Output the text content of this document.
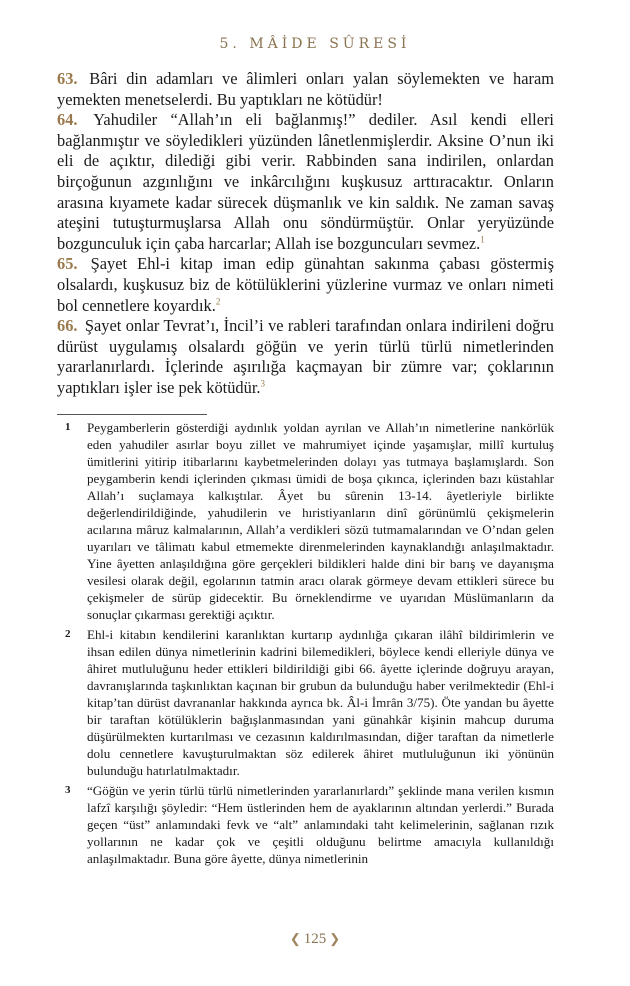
5. MÂİDE SÛRESİ

63. Bâri din adamları ve âlimleri onları yalan söylemekten ve haram yemekten menetselerdi. Bu yaptıkları ne kötüdür!

64. Yahudiler “Allah’ın eli bağlanmış!” dediler. Asıl kendi elleri bağlanmıştır ve söyledikleri yüzünden lânetlenmişlerdir. Aksine O’nun iki eli de açıktır, dilediği gibi verir. Rabbinden sana indirilen, onlardan birçoğunun azgınlığını ve inkârcılığını kuşkusuz arttıracaktır. Onların arasına kıyamete kadar sürecek düşmanlık ve kin saldık. Ne zaman savaş ateşini tutuşturmuşlarsa Allah onu söndürmüştür. Onlar yeryüzünde bozgunculuk için çaba harcarlar; Allah ise bozguncuları sevmez.$^1$

65. Şayet Ehl-i kitap iman edip günahtan sakınma çabası göstermiş olsalardı, kuşkusuz biz de kötülüklerini yüzlerine vurmaz ve onları nimeti bol cennetlere koyardık.$^2$

66. Şayet onlar Tevrat’ı, İncil’i ve rableri tarafından onlara indirileni doğru dürüst uygulamış olsalardı göğün ve yerin türlü türlü nimetlerinden yararlanırlardı. İçlerinde aşırılığa kaçmayan bir zümre var; çoklarının yaptıkları işler ise pek kötüdür.$^3$

1 Peygamberlerin gösterdiği aydınlık yoldan ayrılan ve Allah’ın nimetlerine nankörlük eden yahudiler asırlar boyu zillet ve mahrumiyet içinde yaşamışlar, millî kurtuluş ümitlerini yitirip itibarlarını kaybetmelerinden dolayı yas tutmaya başlamışlardı. Son peygamberin kendi içlerinden çıkması ümidi de boşa çıkınca, içlerinden bazı küstahlar Allah’ı suçlamaya kalkıştılar. Âyet bu sûrenin 13-14. âyetleriyle birlikte değerlendirildiğinde, yahudilerin ve hıristiyanların dinî görünümlü çekişmelerin acılarına mâruz kalmalarının, Allah’a verdikleri sözü tutmamalarından ve O’ndan gelen uyarıları ve tâlimatı kabul etmemekte direnmelerinden kaynaklandığı anlaşılmaktadır. Yine âyetten anlaşıldığına göre gerçekleri bildikleri halde dini bir barış ve dayanışma vesilesi olarak değil, egolarının tatmin aracı olarak görmeye devam ettikleri sürece bu çekişmeler de sürüp gidecektir. Bu örneklendirme ve uyarıdan Müslümanların da sonuçlar çıkarması gerektiği açıktır.

2 Ehl-i kitabın kendilerini karanlıktan kurtarıp aydınlığa çıkaran ilâhî bildirimlerin ve ihsan edilen dünya nimetlerinin kadrini bilemedikleri, böylece kendi elleriyle dünya ve âhiret mutluluğunu heder ettikleri bildirildiği gibi 66. âyette içlerinde doğruyu arayan, davranışlarında taşkınlıktan kaçınan bir grubun da bulunduğu haber verilmektedir (Ehl-i kitap’tan dürüst davrananlar hakkında ayrıca bk. Âl-i İmrân 3/75). Öte yandan bu âyette bir taraftan kötülüklerin bağışlanmasından yani günahkâr kişinin mahcup duruma düşürülmekten kurtarılması ve cezasının kaldırılmasından, diğer taraftan da nimetlerle dolu cennetlere kavuşturulmaktan söz edilerek âhiret mutluluğunun iki yönünün bulunduğu hatırlatılmaktadır.

3 “Göğün ve yerin türlü türlü nimetlerinden yararlanırlardı” şeklinde mana verilen kısmın lafzî karşılığı şöyledir: “Hem üstlerinden hem de ayaklarının altından yerlerdi.” Burada geçen “üst” anlamındaki fevk ve “alt” anlamındaki taht kelimelerinin, sağlanan rızık yollarının ne kadar çok ve çeşitli olduğunu belirtme amacıyla kullanıldığı anlaşılmaktadır. Buna göre âyette, dünya nimetlerinin

❮ 125 ❯
